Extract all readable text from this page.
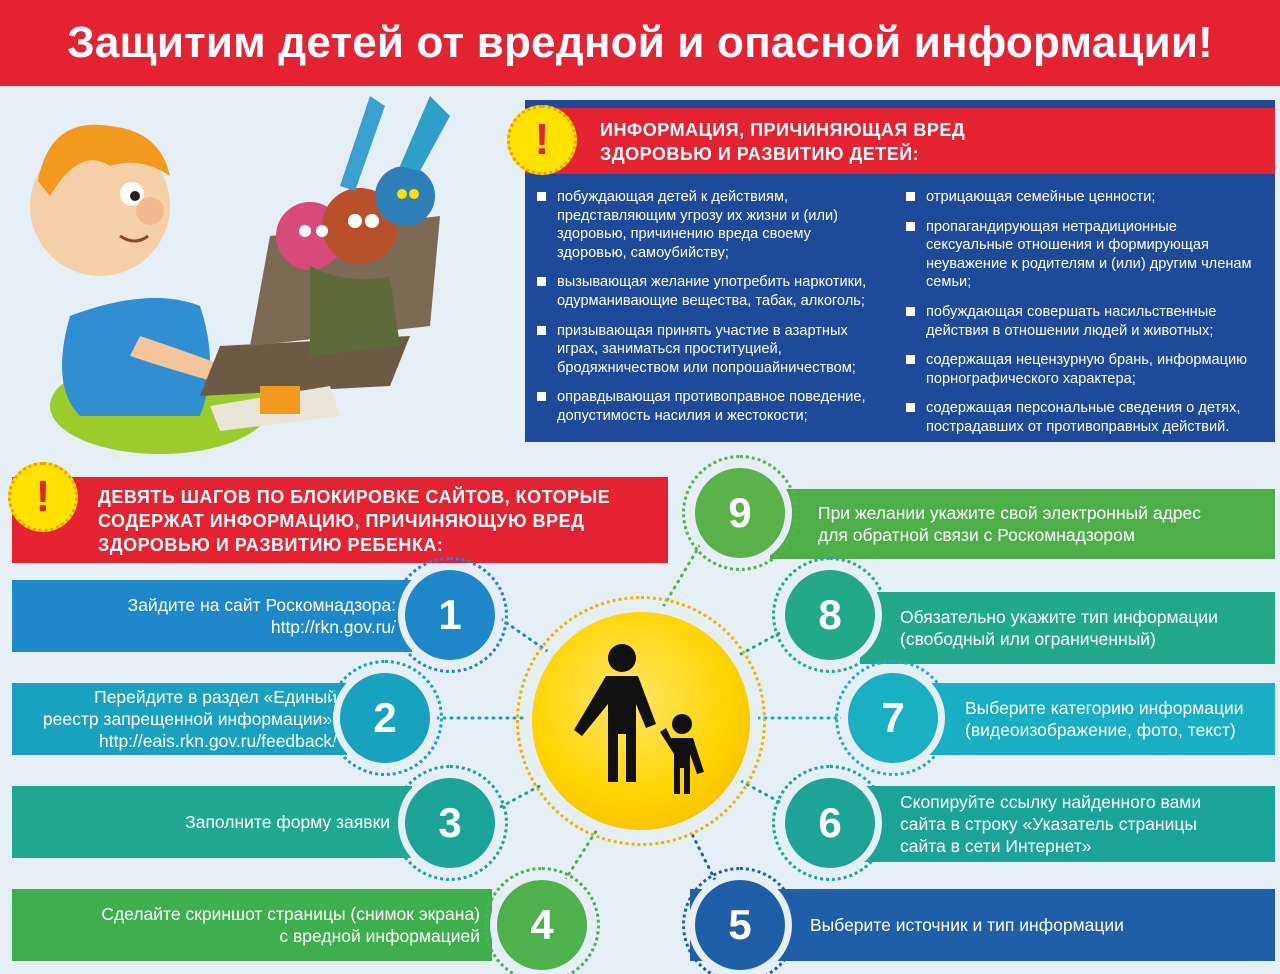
Защитим детей от вредной и опасной информации!
!	ИНФОРМАЦИЯ, ПРИЧИНЯЮЩАЯ ВРЕД
ЗДОРОВЬЮ И РАЗВИТИЮ ДЕТЕЙ:
побуждающая детей к действиям, представляющим угрозу их жизни и (или) здоровью, причинению вреда своему здоровью, самоубийству;
вызывающая желание употребить наркотики, одурманивающие вещества, табак, алкоголь;
призывающая принять участие в азартных играх, заниматься проституцией, бродяжничеством или попрошайничеством;
оправдывающая противоправное поведение, допустимость насилия и жестокости;
отрицающая семейные ценности;
пропагандирующая нетрадиционные сексуальные отношения и формирующая неуважение к родителям и (или) другим членам семьи;
побуждающая совершать насильственные действия в отношении людей и животных;
содержащая нецензурную брань, информацию порнографического характера;
содержащая персональные сведения о детях, пострадавших от противоправных действий.
!	ДЕВЯТЬ ШАГОВ ПО БЛОКИРОВКЕ САЙТОВ, КОТОРЫЕ
СОДЕРЖАТ ИНФОРМАЦИЮ, ПРИЧИНЯЮЩУЮ ВРЕД
ЗДОРОВЬЮ И РАЗВИТИЮ РЕБЕНКА:
Зайдите на сайт Роскомнадзора:
http://rkn.gov.ru/
Перейдите в раздел «Единый
реестр запрещенной информации»:
http://eais.rkn.gov.ru/feedback/
Заполните форму заявки
Сделайте скриншот страницы (снимок экрана)
с вредной информацией
При желании укажите свой электронный адрес
для обратной связи с Роскомнадзором
Обязательно укажите тип информации
(свободный или ограниченный)
Выберите категорию информации
(видеоизображение, фото, текст)
Скопируйте ссылку найденного вами
сайта в строку «Указатель страницы
сайта в сети Интернет»
Выберите источник и тип информации
1
2
3
4	5
6
7
8
9
